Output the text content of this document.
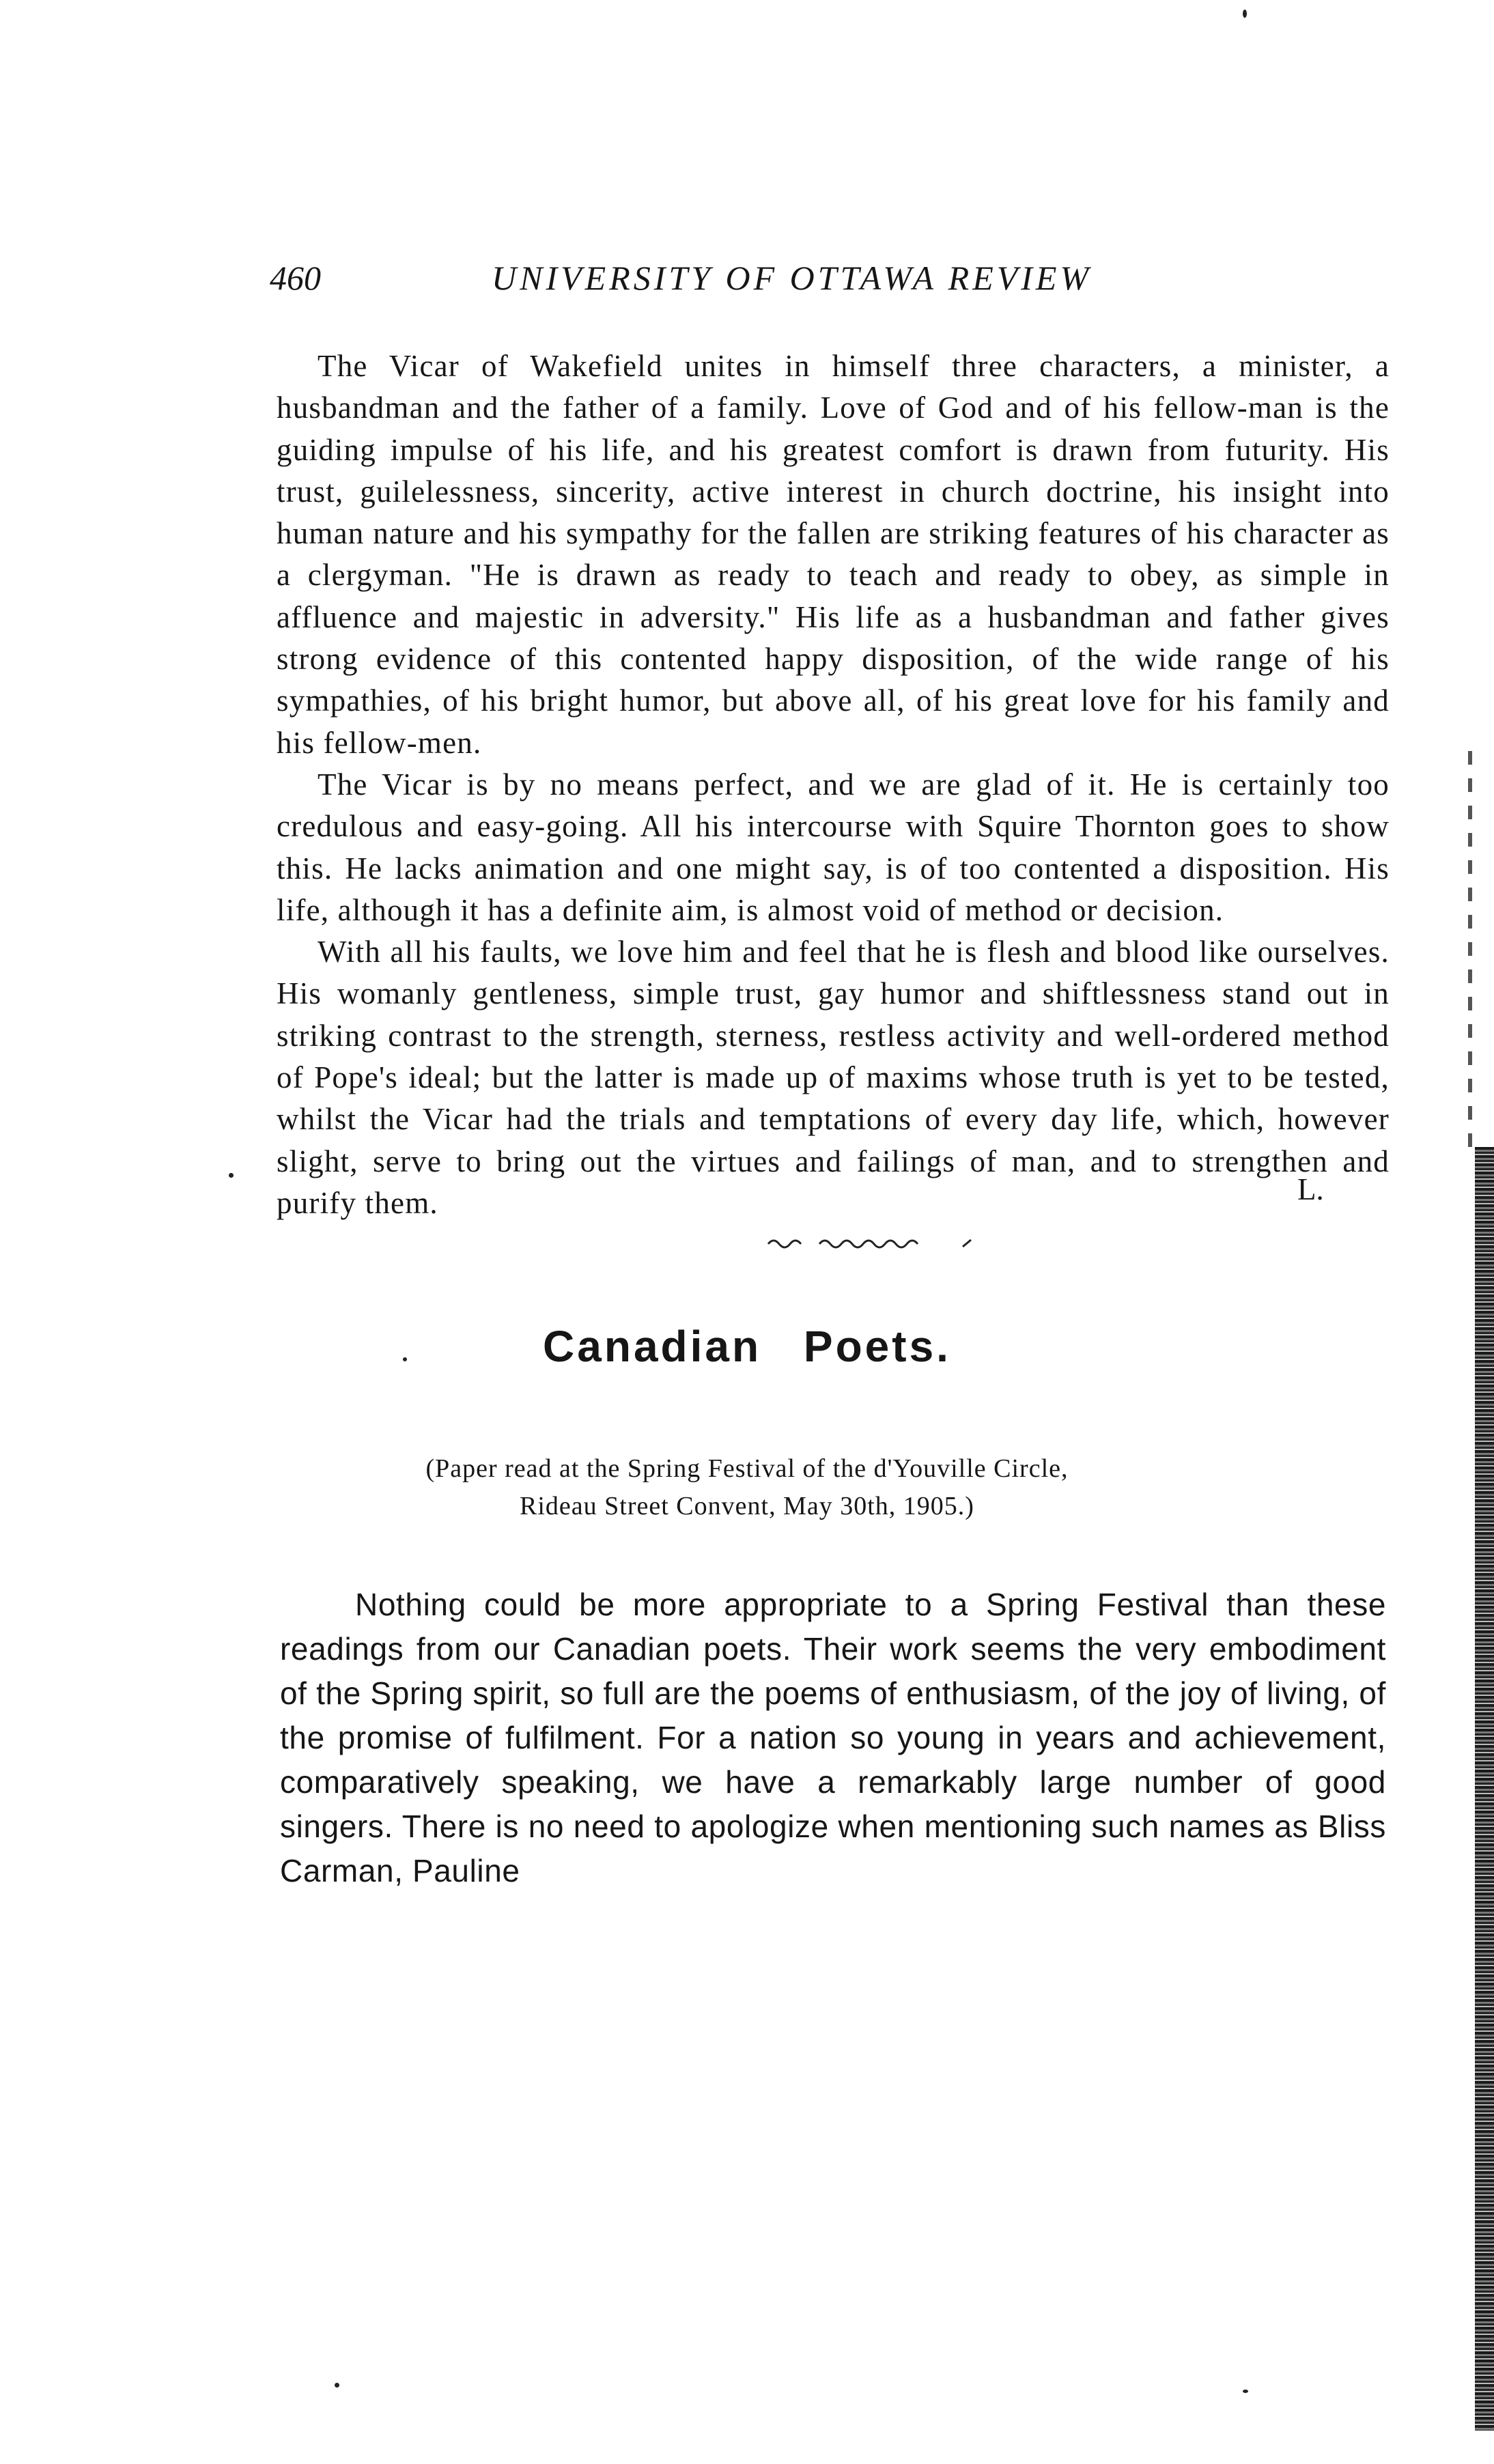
460	UNIVERSITY OF OTTAWA REVIEW

The Vicar of Wakefield unites in himself three characters, a minister, a husbandman and the father of a family. Love of God and of his fellow-man is the guiding impulse of his life, and his greatest comfort is drawn from futurity. His trust, guilelessness, sincerity, active interest in church doctrine, his insight into human nature and his sympathy for the fallen are striking features of his character as a clergyman. "He is drawn as ready to teach and ready to obey, as simple in affluence and majestic in adversity." His life as a husbandman and father gives strong evidence of this contented happy disposition, of the wide range of his sympathies, of his bright humor, but above all, of his great love for his family and his fellow-men.

The Vicar is by no means perfect, and we are glad of it. He is certainly too credulous and easy-going. All his intercourse with Squire Thornton goes to show this. He lacks animation and one might say, is of too contented a disposition. His life, although it has a definite aim, is almost void of method or decision.

With all his faults, we love him and feel that he is flesh and blood like ourselves. His womanly gentleness, simple trust, gay humor and shiftlessness stand out in striking contrast to the strength, sterness, restless activity and well-ordered method of Pope's ideal; but the latter is made up of maxims whose truth is yet to be tested, whilst the Vicar had the trials and temptations of every day life, which, however slight, serve to bring out the virtues and failings of man, and to strengthen and purify them.	L.
Canadian Poets.
(Paper read at the Spring Festival of the d'Youville Circle,
Rideau Street Convent, May 30th, 1905.)

Nothing could be more appropriate to a Spring Festival than these readings from our Canadian poets. Their work seems the very embodiment of the Spring spirit, so full are the poems of enthusiasm, of the joy of living, of the promise of fulfilment. For a nation so young in years and achievement, comparatively speaking, we have a remarkably large number of good singers. There is no need to apologize when mentioning such names as Bliss Carman, Pauline
